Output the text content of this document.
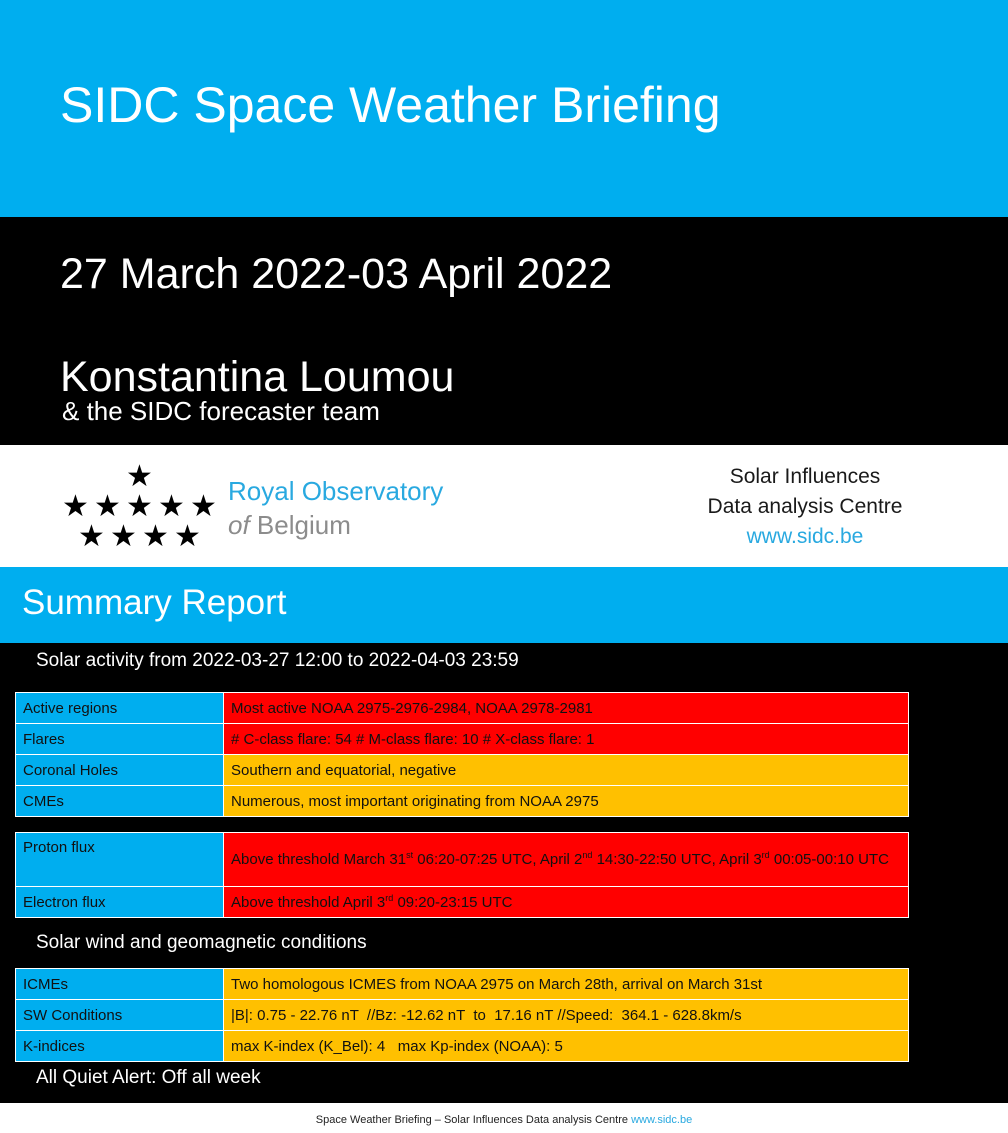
SIDC Space Weather Briefing
27 March 2022-03 April 2022
Konstantina Loumou
& the SIDC forecaster team
★
★ ★ ★ ★ ★
★ ★ ★ ★
Royal Observatory
of Belgium
Solar Influences
Data analysis Centre
www.sidc.be
Summary Report
Solar activity from 2022-03-27 12:00 to 2022-04-03 23:59
Active regions	Most active NOAA 2975-2976-2984, NOAA 2978-2981
Flares	# C-class flare: 54 # M-class flare: 10 # X-class flare: 1
Coronal Holes	Southern and equatorial, negative
CMEs	Numerous, most important originating from NOAA 2975
Proton flux	Above threshold March 31st 06:20-07:25 UTC, April 2nd 14:30-22:50 UTC, April 3rd 00:05-00:10 UTC
Electron flux	Above threshold April 3rd 09:20-23:15 UTC
Solar wind and geomagnetic conditions
ICMEs	Two homologous ICMES from NOAA 2975 on March 28th, arrival on March 31st
SW Conditions	|B|: 0.75 - 22.76 nT  //Bz: -12.62 nT  to  17.16 nT //Speed:  364.1 - 628.8km/s
K-indices	max K-index (K_Bel): 4   max Kp-index (NOAA): 5
All Quiet Alert: Off all week
Space Weather Briefing – Solar Influences Data analysis Centre www.sidc.be
